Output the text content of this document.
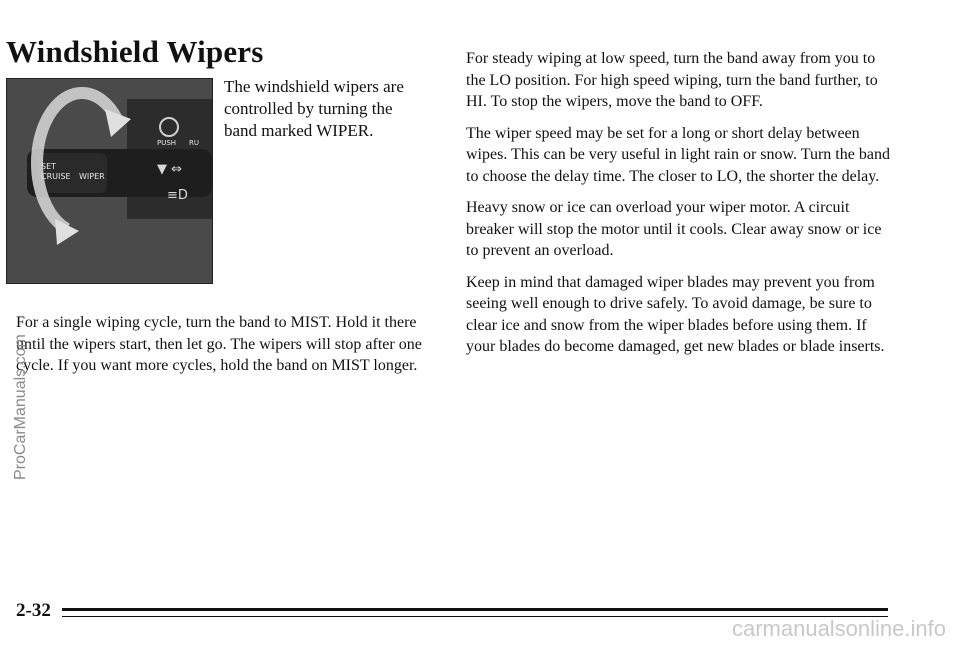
Windshield Wipers
▼ ⇔
≡D
SET
CRUISE WIPER
PUSH RU

The windshield wipers are controlled by turning the band marked WIPER.

For a single wiping cycle, turn the band to MIST. Hold it there until the wipers start, then let go. The wipers will stop after one cycle. If you want more cycles, hold the band on MIST longer.

For steady wiping at low speed, turn the band away from you to the LO position. For high speed wiping, turn the band further, to HI. To stop the wipers, move the band to OFF.

The wiper speed may be set for a long or short delay between wipes. This can be very useful in light rain or snow. Turn the band to choose the delay time. The closer to LO, the shorter the delay.

Heavy snow or ice can overload your wiper motor. A circuit breaker will stop the motor until it cools. Clear away snow or ice to prevent an overload.

Keep in mind that damaged wiper blades may prevent you from seeing well enough to drive safely. To avoid damage, be sure to clear ice and snow from the wiper blades before using them. If your blades do become damaged, get new blades or blade inserts.

2-32
ProCarManuals.com
carmanualsonline.info
